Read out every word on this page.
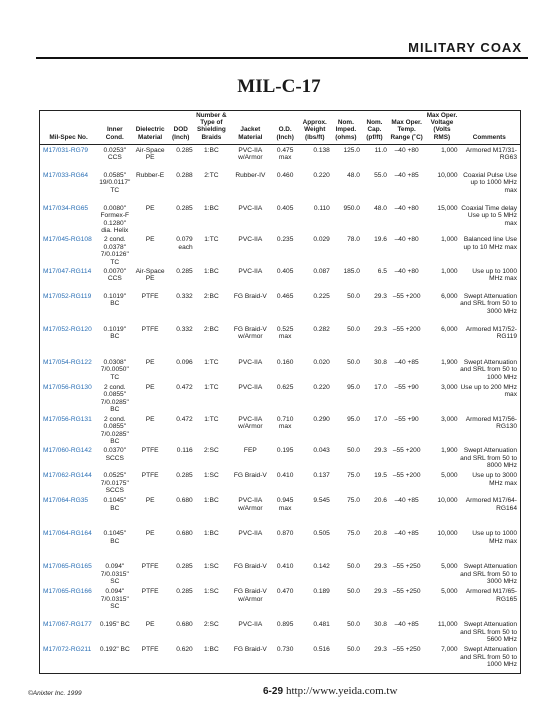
MILITARY COAX
MIL-C-17
Mil-Spec No.	Inner Cond.	Dielectric Material	DOD (Inch)	Number & Type of Shielding Braids	Jacket Material	O.D. (Inch)	Approx. Weight (lbs/ft)	Nom. Imped. (ohms)	Nom. Cap. (pf/ft)	Max Oper. Temp. Range (˚C)	Max Oper. Voltage (Volts RMS)	Comments
M17/031-RG79	0.0253" CCS	Air-Space PE	0.285	1:BC	PVC-IIA w/Armor	0.475 max	0.138	125.0	11.0	–40 +80	1,000	Armored M17/31-RG63
M17/033-RG64	0.0585" 19/0.0117" TC	Rubber-E	0.288	2:TC	Rubber-IV	0.460	0.220	48.0	55.0	–40 +85	10,000	Coaxial Pulse Use up to 1000 MHz max
M17/034-RG65	0.0080" Formex-F 0.1280" dia. Helix	PE	0.285	1:BC	PVC-IIA	0.405	0.110	950.0	48.0	–40 +80	15,000	Coaxial Time delay Use up to 5 MHz max
M17/045-RG108	2 cond. 0.0378" 7/0.0126" TC	PE	0.079 each	1:TC	PVC-IIA	0.235	0.029	78.0	19.6	–40 +80	1,000	Balanced line Use up to 10 MHz max
M17/047-RG114	0.0070" CCS	Air-Space PE	0.285	1:BC	PVC-IIA	0.405	0.087	185.0	6.5	–40 +80	1,000	Use up to 1000 MHz max
M17/052-RG119	0.1019" BC	PTFE	0.332	2:BC	FG Braid-V	0.465	0.225	50.0	29.3	–55 +200	6,000	Swept Attenuation and SRL from 50 to 3000 MHz
M17/052-RG120	0.1019" BC	PTFE	0.332	2:BC	FG Braid-V w/Armor	0.525 max	0.282	50.0	29.3	–55 +200	6,000	Armored M17/52-RG119
M17/054-RG122	0.0308" 7/0.0050" TC	PE	0.096	1:TC	PVC-IIA	0.160	0.020	50.0	30.8	–40 +85	1,900	Swept Attenuation and SRL from 50 to 1000 MHz
M17/056-RG130	2 cond. 0.0855" 7/0.0285" BC	PE	0.472	1:TC	PVC-IIA	0.625	0.220	95.0	17.0	–55 +90	3,000	Use up to 200 MHz max
M17/056-RG131	2 cond. 0.0855" 7/0.0285" BC	PE	0.472	1:TC	PVC-IIA w/Armor	0.710 max	0.290	95.0	17.0	–55 +90	3,000	Armored M17/56-RG130
M17/060-RG142	0.0370" SCCS	PTFE	0.116	2:SC	FEP	0.195	0.043	50.0	29.3	–55 +200	1,900	Swept Attenuation and SRL from 50 to 8000 MHz
M17/062-RG144	0.0525" 7/0.0175" SCCS	PTFE	0.285	1:SC	FG Braid-V	0.410	0.137	75.0	19.5	–55 +200	5,000	Use up to 3000 MHz max
M17/064-RG35	0.1045" BC	PE	0.680	1:BC	PVC-IIA w/Armor	0.945 max	9.545	75.0	20.6	–40 +85	10,000	Armored M17/64-RG164
M17/064-RG164	0.1045" BC	PE	0.680	1:BC	PVC-IIA	0.870	0.505	75.0	20.8	–40 +85	10,000	Use up to 1000 MHz max
M17/065-RG165	0.094" 7/0.0315" SC	PTFE	0.285	1:SC	FG Braid-V	0.410	0.142	50.0	29.3	–55 +250	5,000	Swept Attenuation and SRL from 50 to 3000 MHz
M17/065-RG166	0.094" 7/0.0315" SC	PTFE	0.285	1:SC	FG Braid-V w/Armor	0.470	0.189	50.0	29.3	–55 +250	5,000	Armored M17/65-RG165
M17/067-RG177	0.195" BC	PE	0.680	2:SC	PVC-IIA	0.895	0.481	50.0	30.8	–40 +85	11,000	Swept Attenuation and SRL from 50 to 5600 MHz
M17/072-RG211	0.192" BC	PTFE	0.620	1:BC	FG Braid-V	0.730	0.516	50.0	29.3	–55 +250	7,000	Swept Attenuation and SRL from 50 to 1000 MHz
©Anixter Inc. 1999	6-29 http://www.yeida.com.tw
